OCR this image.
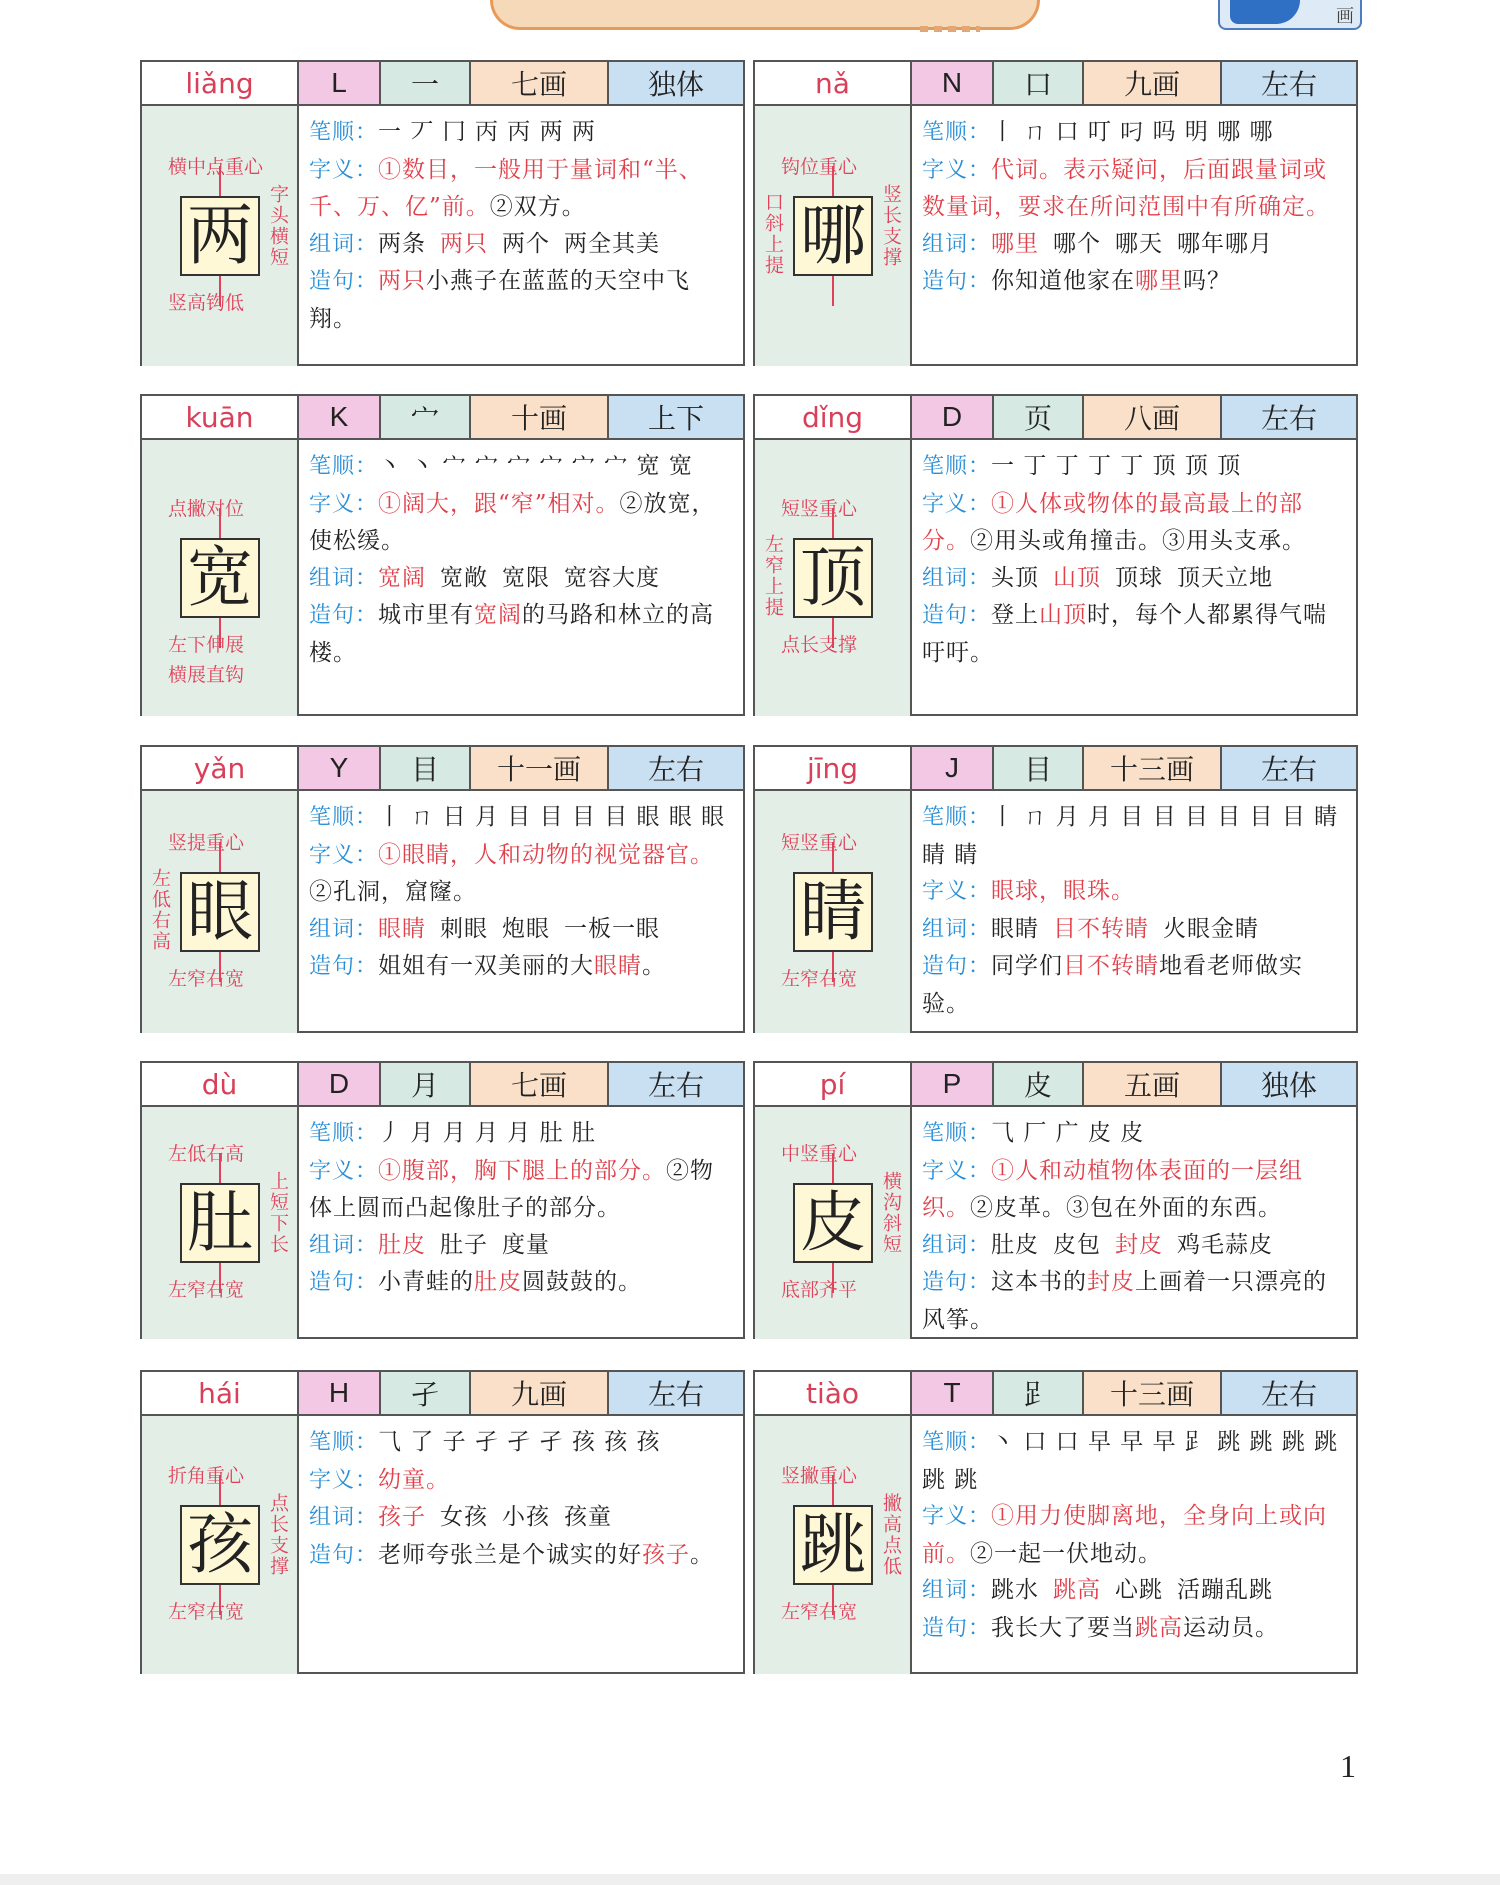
画
liǎng	L	一	七画	独体
两
横中点重心
竖高钩低
字头横短
笔顺：一 丆 冂 丙 丙 两 两
字义：①数目，一般用于量词和“半、千、万、亿”前。②双方。
组词：两条 两只 两个 两全其美
造句：两只小燕子在蓝蓝的天空中飞翔。
nǎ	N	口	九画	左右
哪
钩位重心
口斜上提	竖长支撑
笔顺：丨 ㄇ 口 叮 叼 吗 明 哪 哪
字义：代词。表示疑问，后面跟量词或数量词，要求在所问范围中有所确定。
组词：哪里 哪个 哪天 哪年哪月
造句：你知道他家在哪里吗？
kuān	K	宀	十画	上下
宽
点撇对位
左下伸展 横展直钩
笔顺：丶 丶 宀 宀 宀 宀 宀 宀 宽 宽
字义：①阔大，跟“窄”相对。②放宽，使松缓。
组词：宽阔 宽敞 宽限 宽容大度
造句：城市里有宽阔的马路和林立的高楼。
dǐng	D	页	八画	左右
顶
短竖重心
点长支撑
左窄上提
笔顺：一 丁 丁 丁 丁 顶 顶 顶
字义：①人体或物体的最高最上的部分。②用头或角撞击。③用头支承。
组词：头顶 山顶 顶球 顶天立地
造句：登上山顶时，每个人都累得气喘吁吁。
yǎn	Y	目	十一画	左右
眼
竖提重心
左窄右宽
左低右高
笔顺：丨 ㄇ 日 月 目 目 目 目 眼 眼 眼
字义：①眼睛，人和动物的视觉器官。②孔洞，窟窿。
组词：眼睛 刺眼 炮眼 一板一眼
造句：姐姐有一双美丽的大眼睛。
jīng	J	目	十三画	左右
睛
短竖重心
左窄右宽
笔顺：丨 ㄇ 月 月 目 目 目 目 目 目 睛 睛 睛
字义：眼球，眼珠。
组词：眼睛 目不转睛 火眼金睛
造句：同学们目不转睛地看老师做实验。
dù	D	月	七画	左右
肚
左低右高
左窄右宽
上短下长
笔顺：丿 月 月 月 月 肚 肚
字义：①腹部，胸下腿上的部分。②物体上圆而凸起像肚子的部分。
组词：肚皮 肚子 度量
造句：小青蛙的肚皮圆鼓鼓的。
pí	P	皮	五画	独体
皮
中竖重心
底部齐平
横沟斜短
笔顺：⺄ 厂 广 皮 皮
字义：①人和动植物体表面的一层组织。②皮革。③包在外面的东西。
组词：肚皮 皮包 封皮 鸡毛蒜皮
造句：这本书的封皮上画着一只漂亮的风筝。
hái	H	孑	九画	左右
孩
折角重心
左窄右宽
点长支撑
笔顺：⺄ 了 子 孑 孑 孑 孩 孩 孩
字义：幼童。
组词：孩子 女孩 小孩 孩童
造句：老师夸张兰是个诚实的好孩子。
tiào	T	𧾷	十三画	左右
跳
竖撇重心
左窄右宽
撇高点低
笔顺：丶 口 口 早 早 早 𧾷 跳 跳 跳 跳 跳 跳
字义：①用力使脚离地，全身向上或向前。②一起一伏地动。
组词：跳水 跳高 心跳 活蹦乱跳
造句：我长大了要当跳高运动员。
1
